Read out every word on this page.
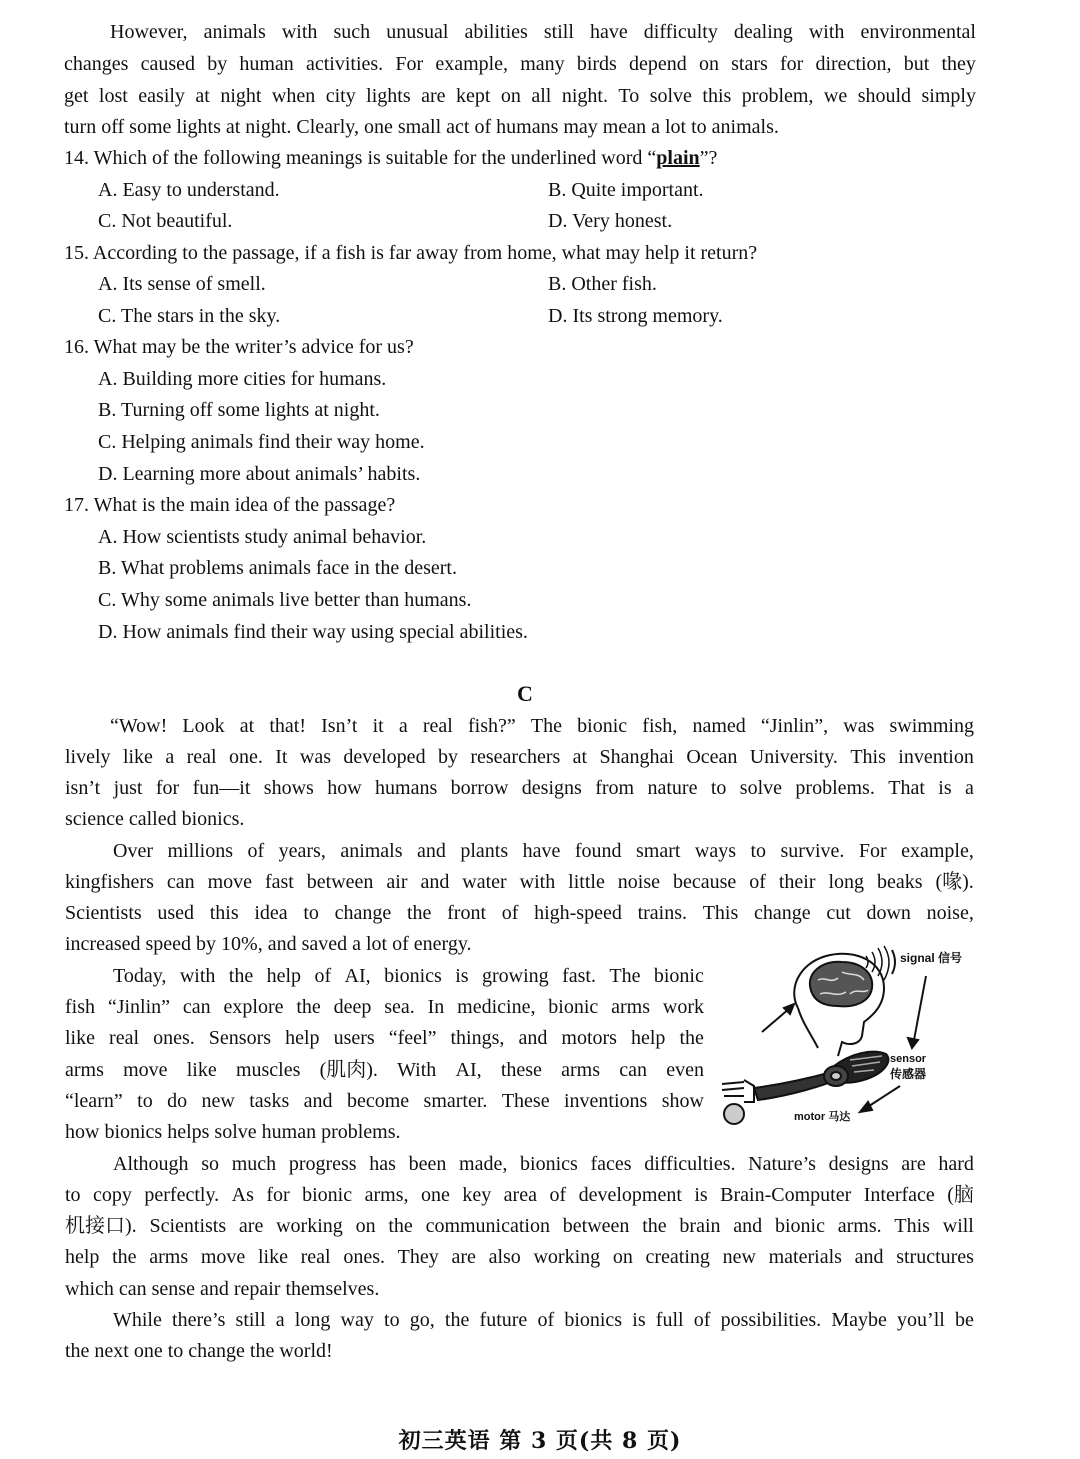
However, animals with such unusual abilities still have difficulty dealing with environmental
changes caused by human activities. For example, many birds depend on stars for direction, but they
get lost easily at night when city lights are kept on all night. To solve this problem, we should simply
turn off some lights at night. Clearly, one small act of humans may mean a lot to animals.
14. Which of the following meanings is suitable for the underlined word “plain”?
A. Easy to understand.	B. Quite important.
C. Not beautiful.	D. Very honest.
15. According to the passage, if a fish is far away from home, what may help it return?
A. Its sense of smell.	B. Other fish.
C. The stars in the sky.	D. Its strong memory.
16. What may be the writer’s advice for us?
A. Building more cities for humans.
B. Turning off some lights at night.
C. Helping animals find their way home.
D. Learning more about animals’ habits.
17. What is the main idea of the passage?
A. How scientists study animal behavior.
B. What problems animals face in the desert.
C. Why some animals live better than humans.
D. How animals find their way using special abilities.
C
“Wow! Look at that! Isn’t it a real fish?” The bionic fish, named “Jinlin”, was swimming
lively like a real one. It was developed by researchers at Shanghai Ocean University. This invention
isn’t just for fun—it shows how humans borrow designs from nature to solve problems. That is a
science called bionics.
Over millions of years, animals and plants have found smart ways to survive. For example,
kingfishers can move fast between air and water with little noise because of their long beaks (喙).
Scientists used this idea to change the front of high-speed trains. This change cut down noise,
increased speed by 10%, and saved a lot of energy.
Today, with the help of AI, bionics is growing fast. The bionic
fish “Jinlin” can explore the deep sea. In medicine, bionic arms work
like real ones. Sensors help users “feel” things, and motors help the
arms move like muscles (肌肉). With AI, these arms can even
“learn” to do new tasks and become smarter. These inventions show
how bionics helps solve human problems.
Although so much progress has been made, bionics faces difficulties. Nature’s designs are hard
to copy perfectly. As for bionic arms, one key area of development is Brain-Computer Interface (脑
机接口). Scientists are working on the communication between the brain and bionic arms. This will
help the arms move like real ones. They are also working on creating new materials and structures
which can sense and repair themselves.
While there’s still a long way to go, the future of bionics is full of possibilities. Maybe you’ll be
the next one to change the world!
signal 信号
sensor
传感器
motor 马达
初三英语 第 3 页(共 8 页)
